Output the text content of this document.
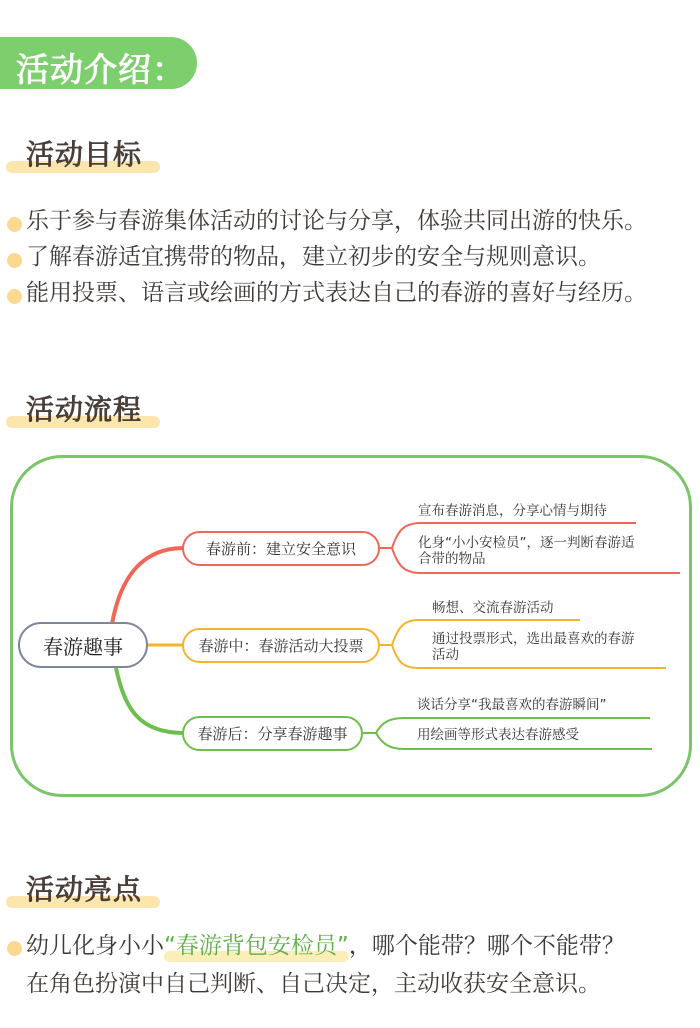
活动介绍：
活动目标
乐于参与春游集体活动的讨论与分享，体验共同出游的快乐。
了解春游适宜携带的物品，建立初步的安全与规则意识。
能用投票、语言或绘画的方式表达自己的春游的喜好与经历。
活动流程
春游趣事
春游前：建立安全意识
宣布春游消息，分享心情与期待
化身“小小安检员”，逐一判断春游适
合带的物品
春游中：春游活动大投票
畅想、交流春游活动
通过投票形式，选出最喜欢的春游
活动
春游后：分享春游趣事
谈话分享“我最喜欢的春游瞬间”
用绘画等形式表达春游感受
活动亮点
幼儿化身小小“春游背包安检员”，哪个能带？哪个不能带？
在角色扮演中自己判断、自己决定，主动收获安全意识。
